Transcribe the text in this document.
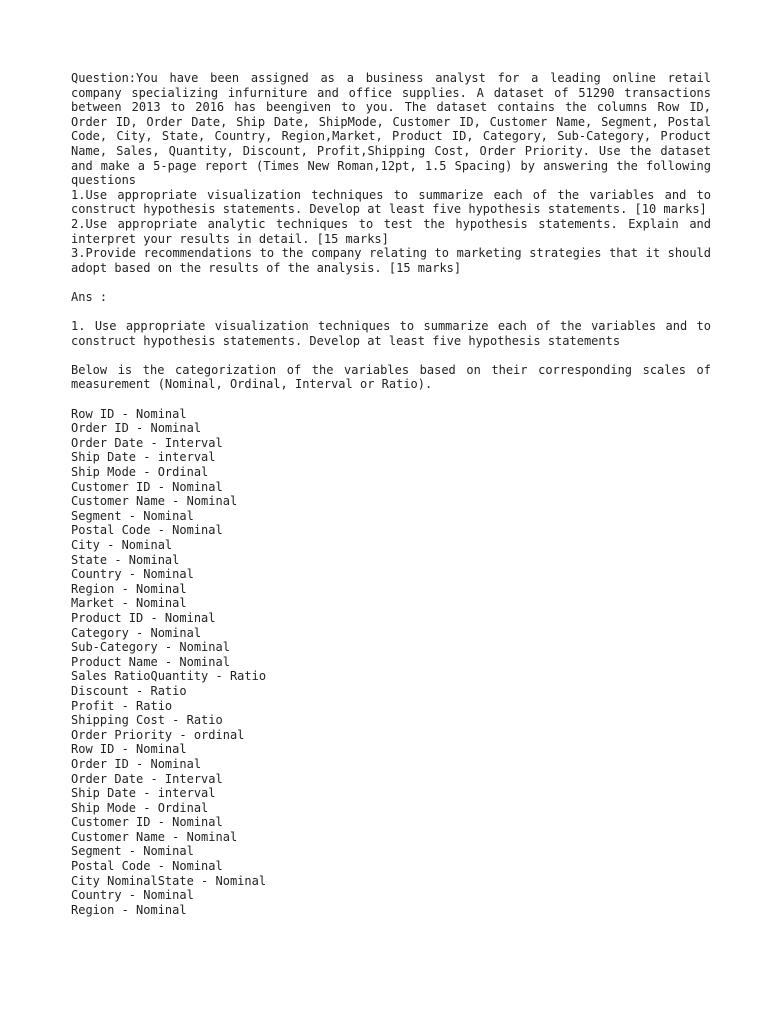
Question:You have been assigned as a business analyst for a leading online retail company specializing infurniture and office supplies. A dataset of 51290 transactions between 2013 to 2016 has beengiven to you. The dataset contains the columns Row ID, Order ID, Order Date, Ship Date, ShipMode, Customer ID, Customer Name, Segment, Postal Code, City, State, Country, Region,Market, Product ID, Category, Sub-Category, Product Name, Sales, Quantity, Discount, Profit,Shipping Cost, Order Priority. Use the dataset and make a 5-page report (Times New Roman,12pt, 1.5 Spacing) by answering the following questions

1.Use appropriate visualization techniques to summarize each of the variables and to construct hypothesis statements. Develop at least five hypothesis statements. [10 marks]

2.Use appropriate analytic techniques to test the hypothesis statements. Explain and interpret your results in detail. [15 marks]

3.Provide recommendations to the company relating to marketing strategies that it should adopt based on the results of the analysis. [15 marks]

Ans :

1. Use appropriate visualization techniques to summarize each of the variables and to construct hypothesis statements. Develop at least five hypothesis statements

Below is the categorization of the variables based on their corresponding scales of measurement (Nominal, Ordinal, Interval or Ratio).

Row ID - Nominal
Order ID - Nominal
Order Date - Interval
Ship Date - interval
Ship Mode - Ordinal
Customer ID - Nominal
Customer Name - Nominal
Segment - Nominal
Postal Code - Nominal
City - Nominal
State - Nominal
Country - Nominal
Region - Nominal
Market - Nominal
Product ID - Nominal
Category - Nominal
Sub-Category - Nominal
Product Name - Nominal
Sales RatioQuantity - Ratio
Discount - Ratio
Profit - Ratio
Shipping Cost - Ratio
Order Priority - ordinal
Row ID - Nominal
Order ID - Nominal
Order Date - Interval
Ship Date - interval
Ship Mode - Ordinal
Customer ID - Nominal
Customer Name - Nominal
Segment - Nominal
Postal Code - Nominal
City NominalState - Nominal
Country - Nominal
Region - Nominal
